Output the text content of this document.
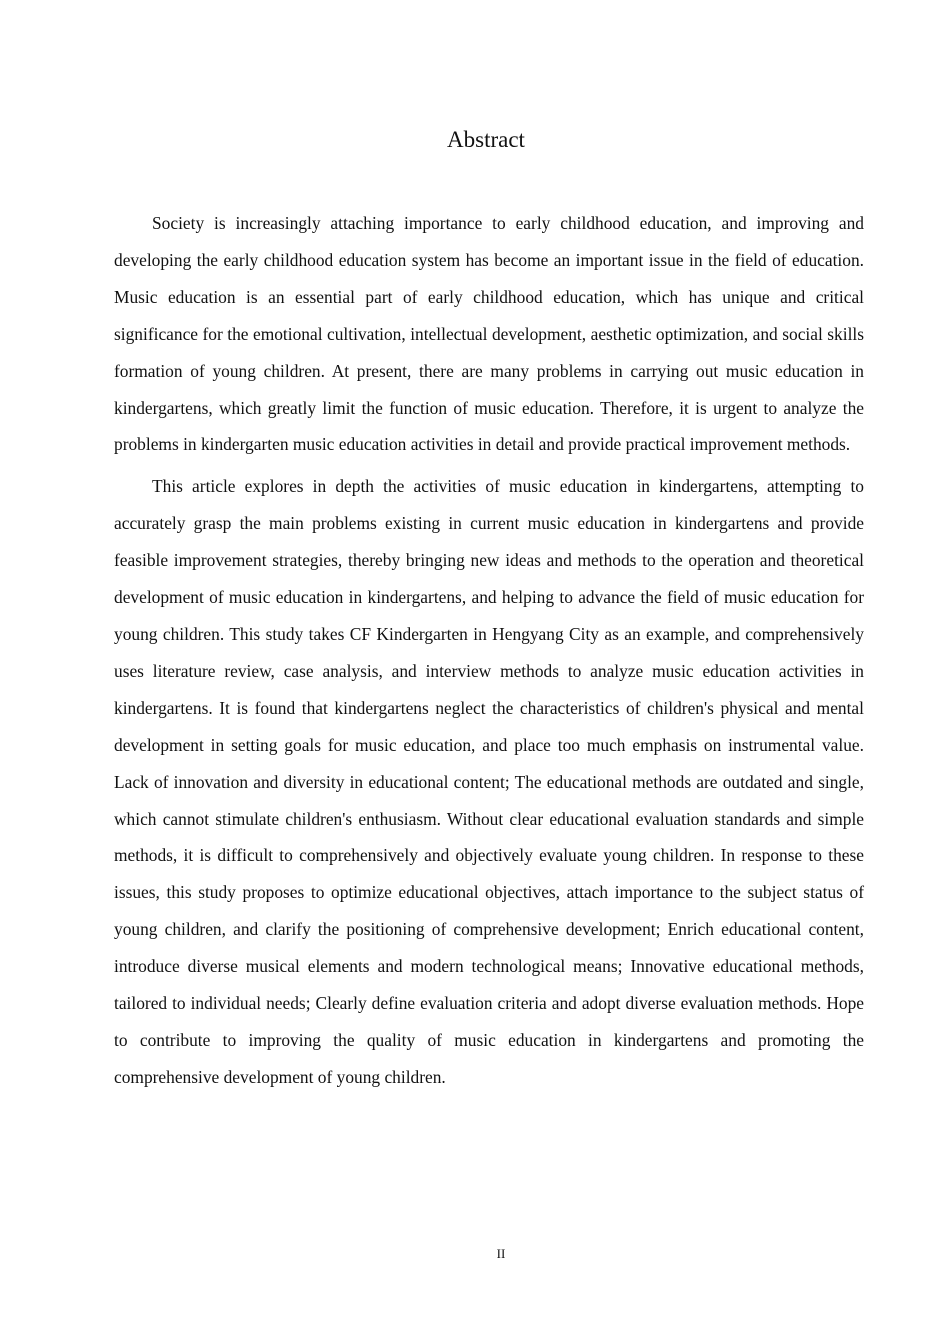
Abstract

Society is increasingly attaching importance to early childhood education, and improving and developing the early childhood education system has become an important issue in the field of education. Music education is an essential part of early childhood education, which has unique and critical significance for the emotional cultivation, intellectual development, aesthetic optimization, and social skills formation of young children. At present, there are many problems in carrying out music education in kindergartens, which greatly limit the function of music education. Therefore, it is urgent to analyze the problems in kindergarten music education activities in detail and provide practical improvement methods.

This article explores in depth the activities of music education in kindergartens, attempting to accurately grasp the main problems existing in current music education in kindergartens and provide feasible improvement strategies, thereby bringing new ideas and methods to the operation and theoretical development of music education in kindergartens, and helping to advance the field of music education for young children. This study takes CF Kindergarten in Hengyang City as an example, and comprehensively uses literature review, case analysis, and interview methods to analyze music education activities in kindergartens. It is found that kindergartens neglect the characteristics of children's physical and mental development in setting goals for music education, and place too much emphasis on instrumental value. Lack of innovation and diversity in educational content; The educational methods are outdated and single, which cannot stimulate children's enthusiasm. Without clear educational evaluation standards and simple methods, it is difficult to comprehensively and objectively evaluate young children. In response to these issues, this study proposes to optimize educational objectives, attach importance to the subject status of young children, and clarify the positioning of comprehensive development; Enrich educational content, introduce diverse musical elements and modern technological means; Innovative educational methods, tailored to individual needs; Clearly define evaluation criteria and adopt diverse evaluation methods. Hope to contribute to improving the quality of music education in kindergartens and promoting the comprehensive development of young children.

II
